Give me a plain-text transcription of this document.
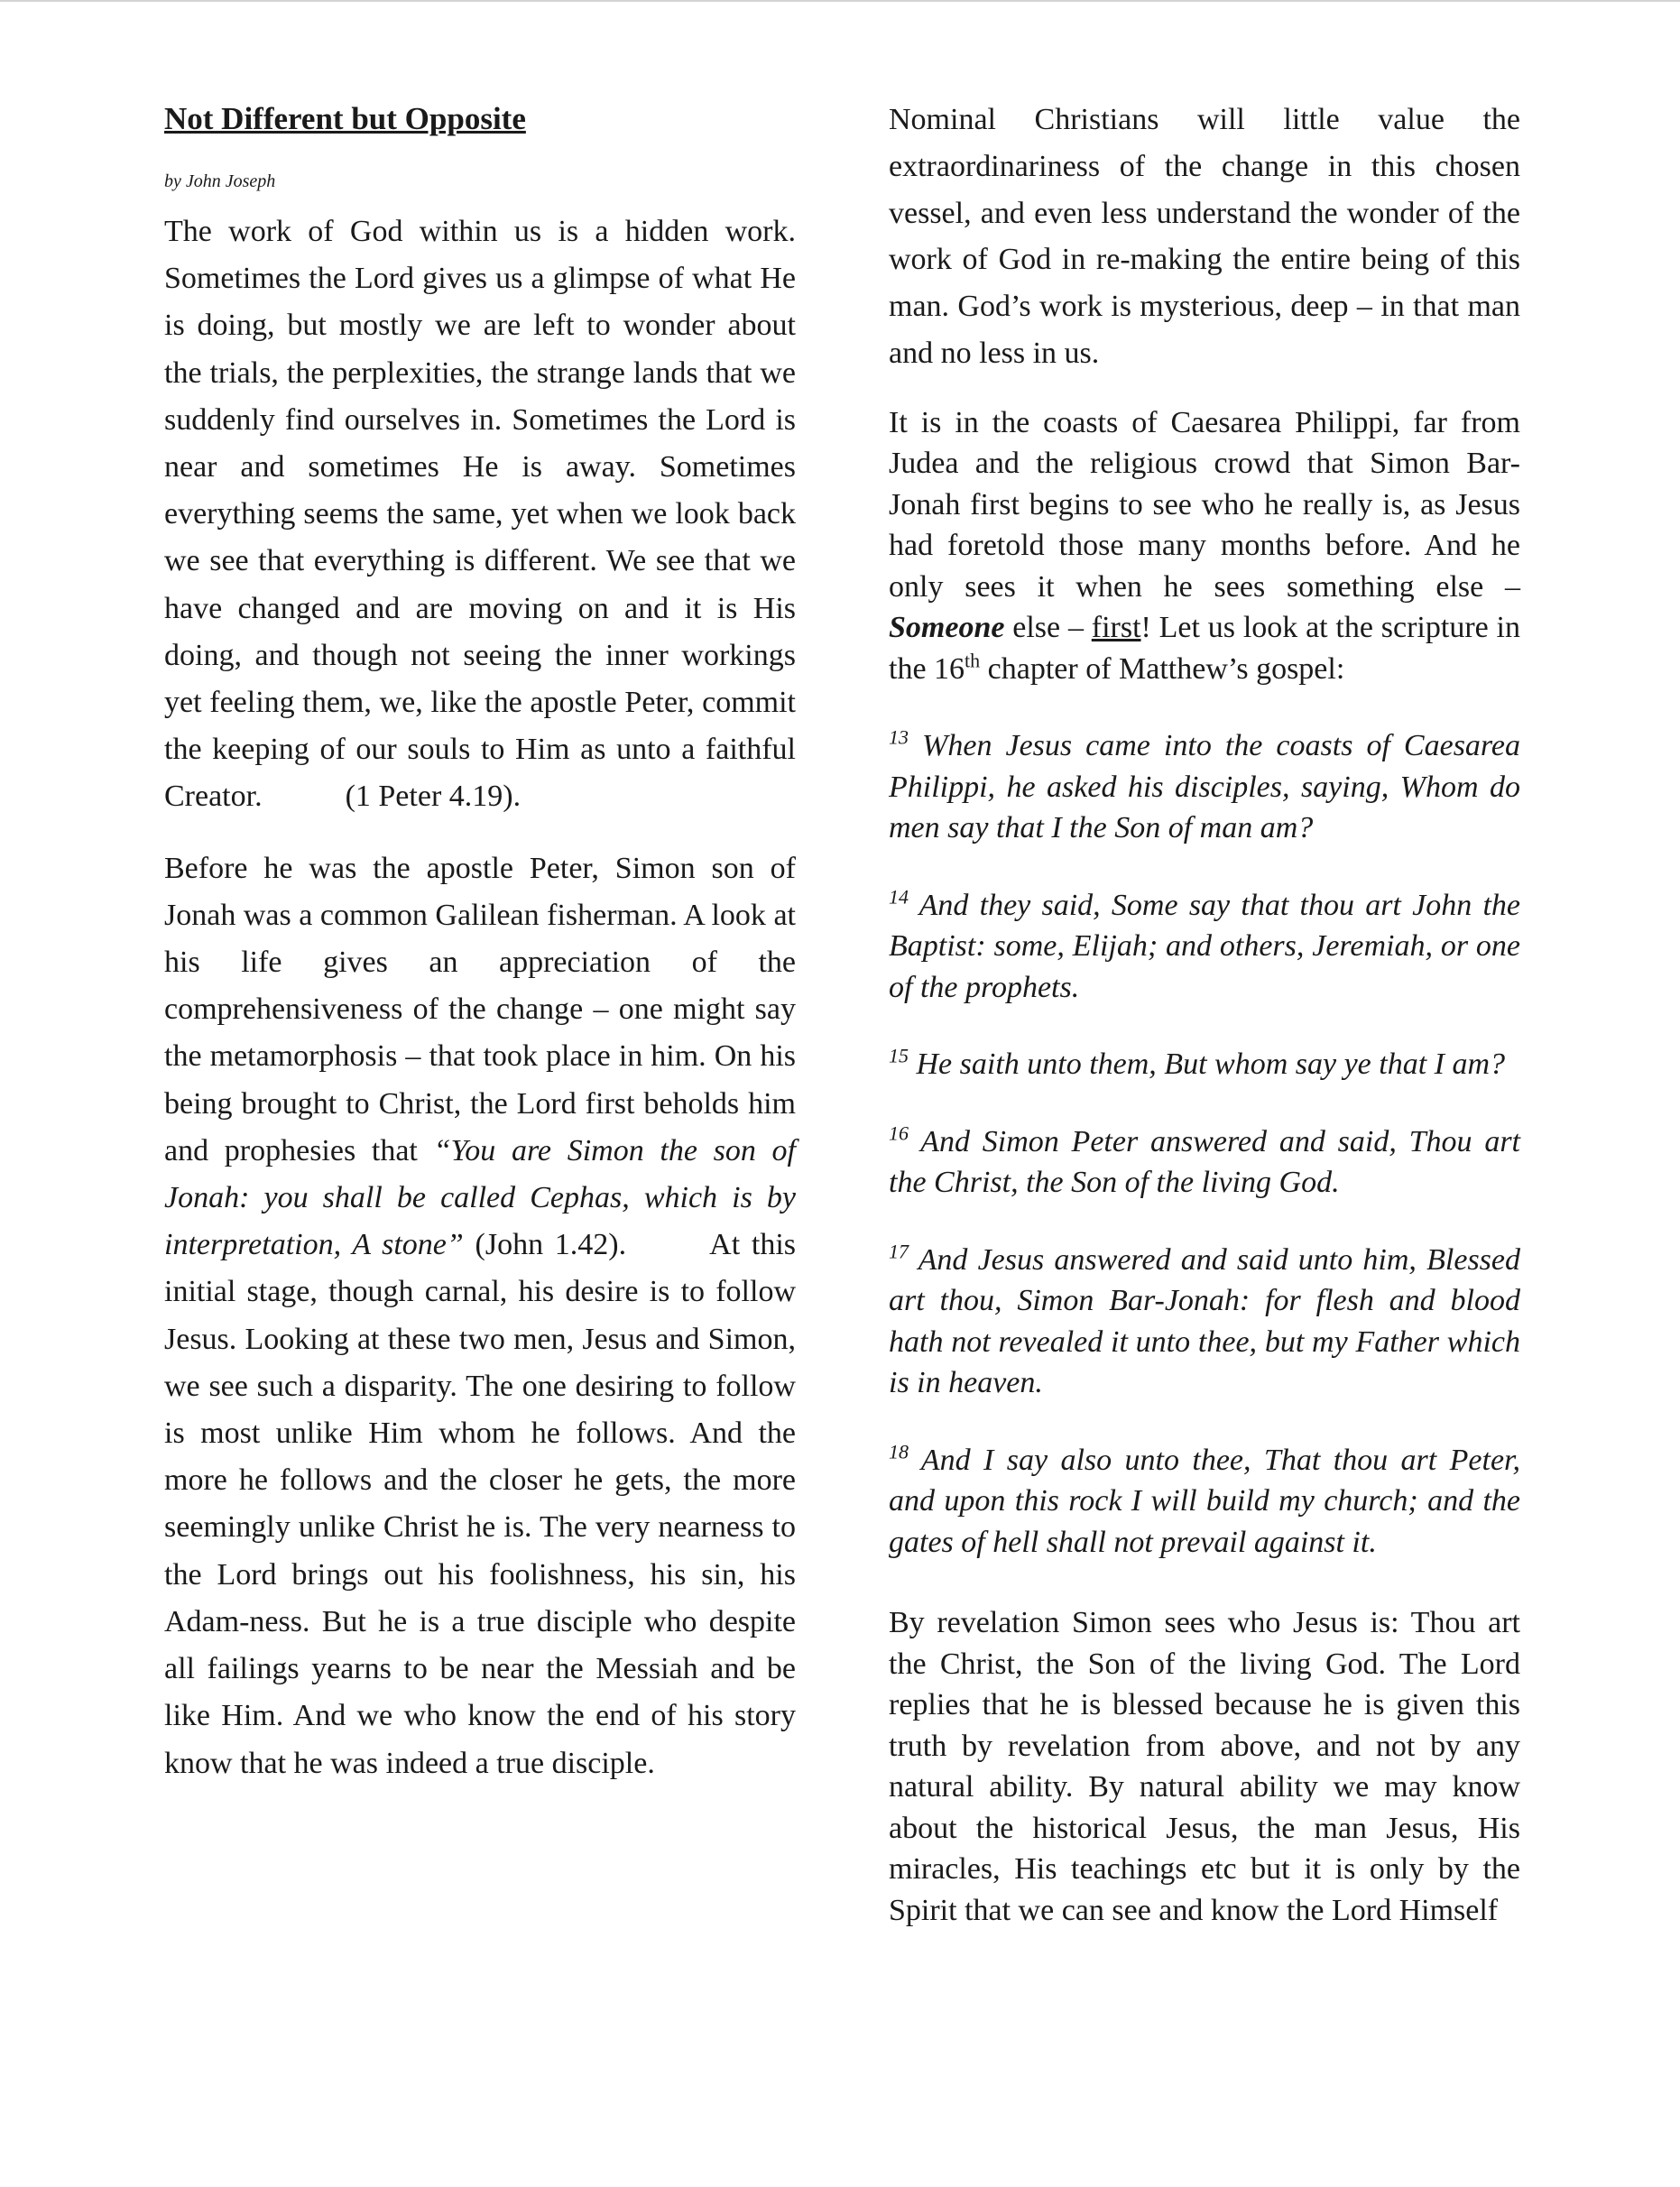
Not Different but Opposite
by John Joseph

The work of God within us is a hidden work. Sometimes the Lord gives us a glimpse of what He is doing, but mostly we are left to wonder about the trials, the perplexities, the strange lands that we suddenly find ourselves in. Sometimes the Lord is near and sometimes He is away. Sometimes everything seems the same, yet when we look back we see that everything is different. We see that we have changed and are moving on and it is His doing, and though not seeing the inner workings yet feeling them, we, like the apostle Peter, commit the keeping of our souls to Him as unto a faithful Creator.	(1 Peter 4.19).

Before he was the apostle Peter, Simon son of Jonah was a common Galilean fisherman. A look at his life gives an appreciation of the comprehensiveness of the change – one might say the metamorphosis – that took place in him. On his being brought to Christ, the Lord first beholds him and prophesies that “You are Simon the son of Jonah: you shall be called Cephas, which is by interpretation, A stone” (John 1.42).	At this initial stage, though carnal, his desire is to follow Jesus. Looking at these two men, Jesus and Simon, we see such a disparity. The one desiring to follow is most unlike Him whom he follows. And the more he follows and the closer he gets, the more seemingly unlike Christ he is. The very nearness to the Lord brings out his foolishness, his sin, his Adam-ness. But he is a true disciple who despite all failings yearns to be near the Messiah and be like Him. And we who know the end of his story know that he was indeed a true disciple.

Nominal Christians will little value the extraordinariness of the change in this chosen vessel, and even less understand the wonder of the work of God in re-making the entire being of this man. God’s work is mysterious, deep – in that man and no less in us.

It is in the coasts of Caesarea Philippi, far from Judea and the religious crowd that Simon Bar-Jonah first begins to see who he really is, as Jesus had foretold those many months before. And he only sees it when he sees something else – Someone else – first! Let us look at the scripture in the 16th chapter of Matthew’s gospel:

$^{13}$ When Jesus came into the coasts of Caesarea Philippi, he asked his disciples, saying, Whom do men say that I the Son of man am?

$^{14}$ And they said, Some say that thou art John the Baptist: some, Elijah; and others, Jeremiah, or one of the prophets.

$^{15}$ He saith unto them, But whom say ye that I am?

$^{16}$ And Simon Peter answered and said, Thou art the Christ, the Son of the living God.

$^{17}$ And Jesus answered and said unto him, Blessed art thou, Simon Bar-Jonah: for flesh and blood hath not revealed it unto thee, but my Father which is in heaven.

$^{18}$ And I say also unto thee, That thou art Peter, and upon this rock I will build my church; and the gates of hell shall not prevail against it.

By revelation Simon sees who Jesus is: Thou art the Christ, the Son of the living God. The Lord replies that he is blessed because he is given this truth by revelation from above, and not by any natural ability. By natural ability we may know about the historical Jesus, the man Jesus, His miracles, His teachings etc but it is only by the Spirit that we can see and know the Lord Himself
